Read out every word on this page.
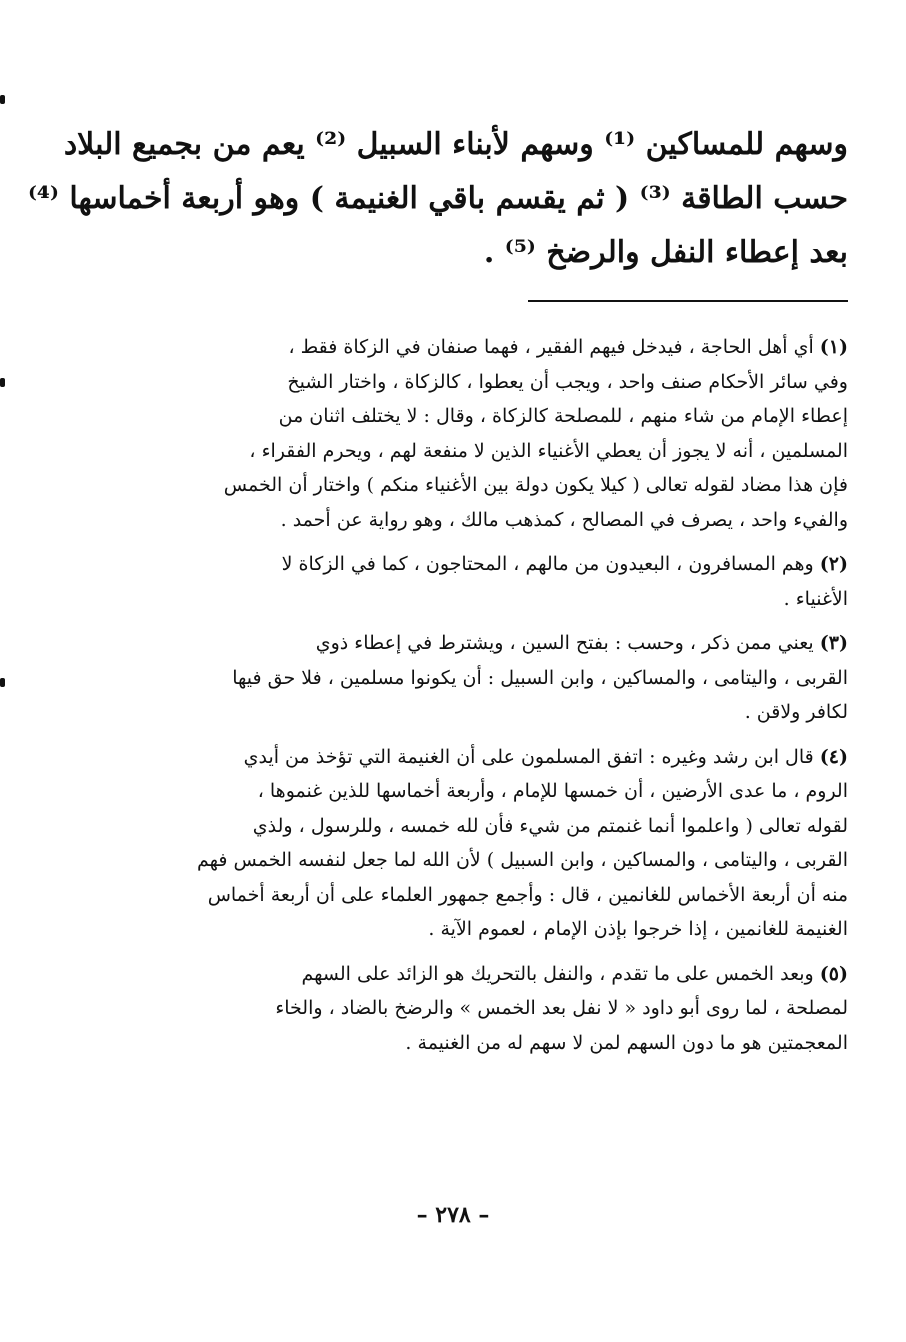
وسهم للمساكين ⁽¹⁾ وسهم لأبناء السبيل ⁽²⁾ يعم من بجميع البلاد
حسب الطاقة ⁽³⁾ ( ثم يقسم باقي الغنيمة ) وهو أربعة أخماسها ⁽⁴⁾
بعد إعطاء النفل والرضخ ⁽⁵⁾ .
(١) أي أهل الحاجة ، فيدخل فيهم الفقير ، فهما صنفان في الزكاة فقط ،
وفي سائر الأحكام صنف واحد ، ويجب أن يعطوا ، كالزكاة ، واختار الشيخ
إعطاء الإمام من شاء منهم ، للمصلحة كالزكاة ، وقال : لا يختلف اثنان من
المسلمين ، أنه لا يجوز أن يعطي الأغنياء الذين لا منفعة لهم ، ويحرم الفقراء ،
فإن هذا مضاد لقوله تعالى ( كيلا يكون دولة بين الأغنياء منكم ) واختار أن الخمس
والفيء واحد ، يصرف في المصالح ، كمذهب مالك ، وهو رواية عن أحمد .
(٢) وهم المسافرون ، البعيدون من مالهم ، المحتاجون ، كما في الزكاة لا
الأغنياء .
(٣) يعني ممن ذكر ، وحسب : بفتح السين ، ويشترط في إعطاء ذوي
القربى ، واليتامى ، والمساكين ، وابن السبيل : أن يكونوا مسلمين ، فلا حق فيها
لكافر ولاقن .
(٤) قال ابن رشد وغيره : اتفق المسلمون على أن الغنيمة التي تؤخذ من أيدي
الروم ، ما عدى الأرضين ، أن خمسها للإمام ، وأربعة أخماسها للذين غنموها ،
لقوله تعالى ( واعلموا أنما غنمتم من شيء فأن لله خمسه ، وللرسول ، ولذي
القربى ، واليتامى ، والمساكين ، وابن السبيل ) لأن الله لما جعل لنفسه الخمس فهم
منه أن أربعة الأخماس للغانمين ، قال : وأجمع جمهور العلماء على أن أربعة أخماس
الغنيمة للغانمين ، إذا خرجوا بإذن الإمام ، لعموم الآية .
(٥) وبعد الخمس على ما تقدم ، والنفل بالتحريك هو الزائد على السهم
لمصلحة ، لما روى أبو داود « لا نفل بعد الخمس » والرضخ بالضاد ، والخاء
المعجمتين هو ما دون السهم لمن لا سهم له من الغنيمة .
– ٢٧٨ –
